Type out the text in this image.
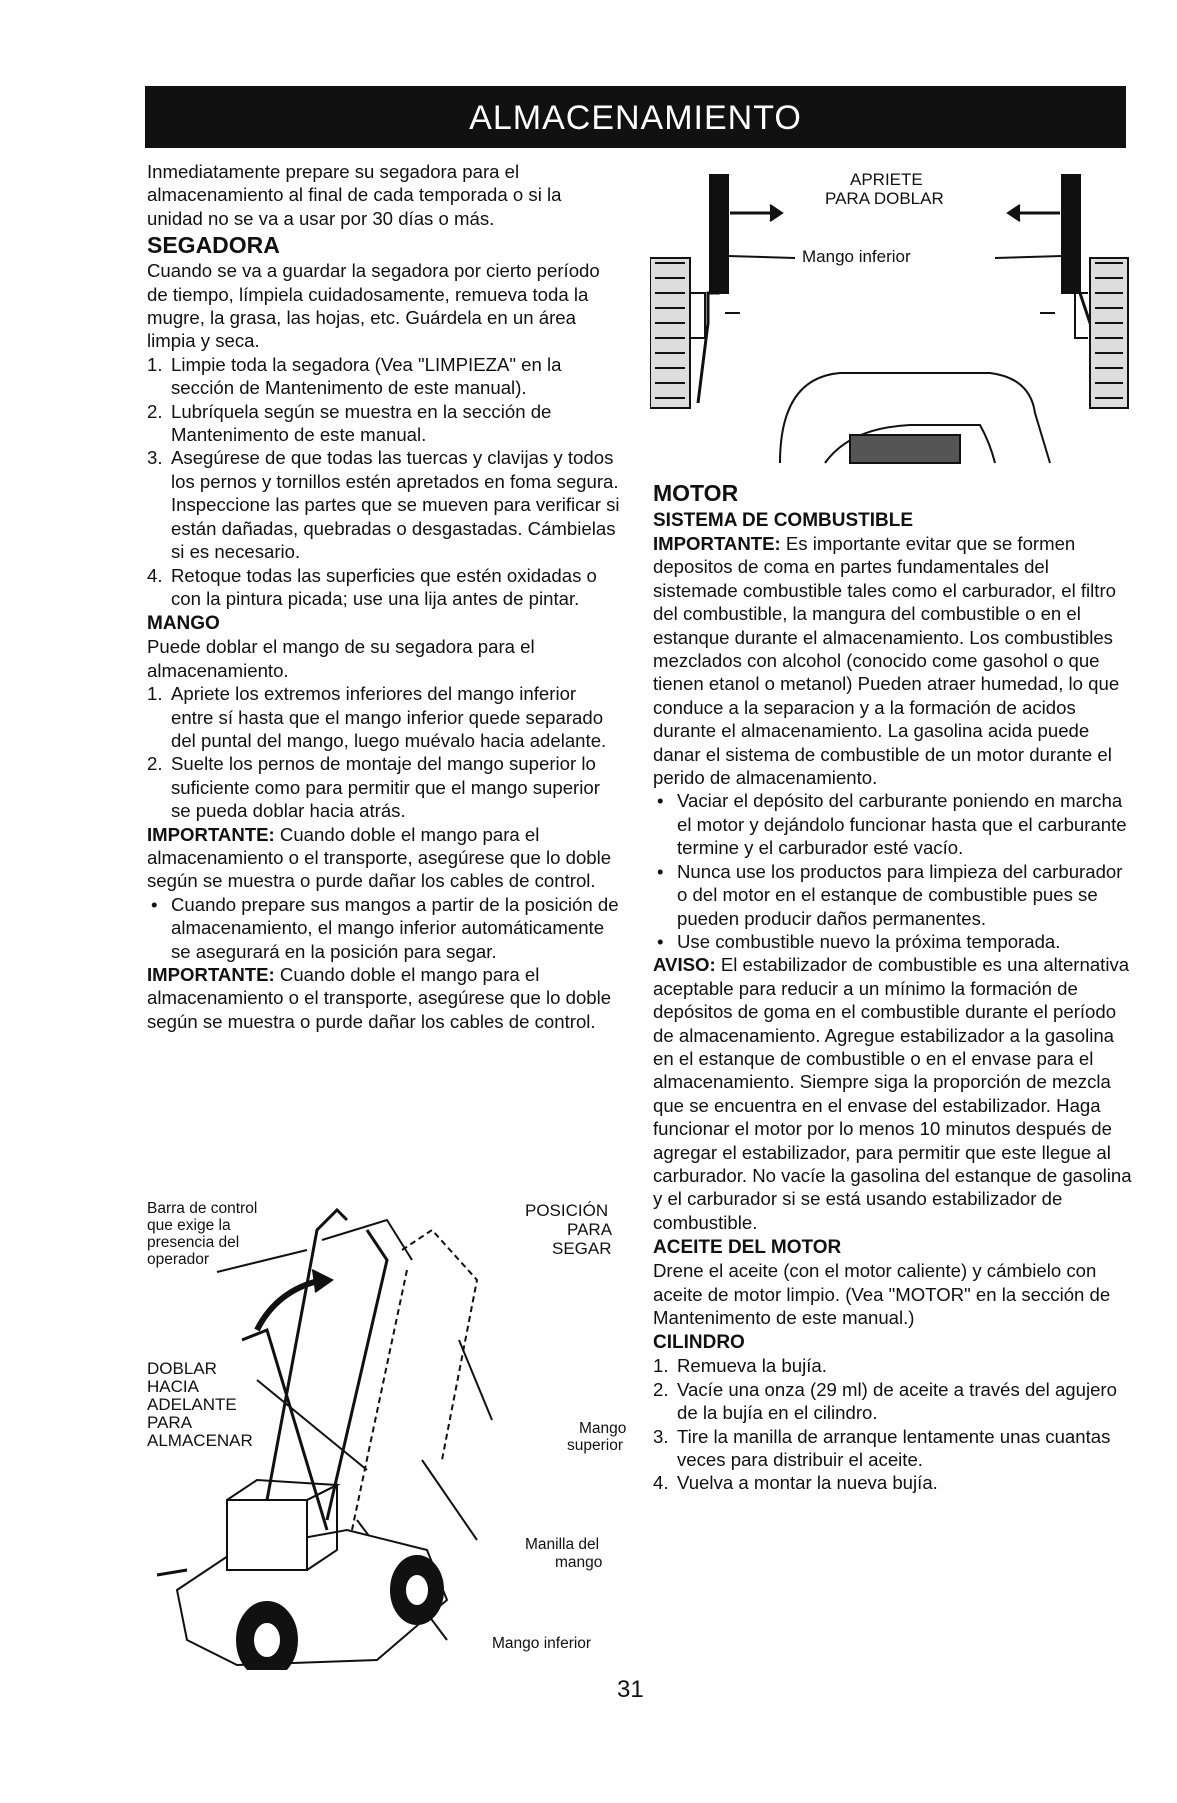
ALMACENAMIENTO

Inmediatamente prepare su segadora para el almacenamiento al final de cada temporada o si la unidad no se va a usar por 30 días o más.

SEGADORA

Cuando se va a guardar la segadora por cierto período de tiempo, límpiela cuidadosamente, remueva toda la mugre, la grasa, las hojas, etc. Guárdela en un área limpia y seca.

1. Limpie toda la segadora (Vea "LIMPIEZA" en la sección de Mantenimento de este manual).
2. Lubríquela según se muestra en la sección de Mantenimento de este manual.
3. Asegúrese de que todas las tuercas y clavijas y todos los pernos y tornillos estén apretados en foma segura. Inspeccione las partes que se mueven para verificar si están dañadas, quebradas o desgastadas. Cámbielas si es necesario.
4. Retoque todas las superficies que estén oxidadas o con la pintura picada; use una lija antes de pintar.
MANGO

Puede doblar el mango de su segadora para el almacenamiento.

1. Apriete los extremos inferiores del mango inferior entre sí hasta que el mango inferior quede separado del puntal del mango, luego muévalo hacia adelante.
2. Suelte los pernos de montaje del mango superior lo suficiente como para permitir que el mango superior se pueda doblar hacia atrás.

IMPORTANTE: Cuando doble el mango para el almacenamiento o el transporte, asegúrese que lo doble según se muestra o purde dañar los cables de control.

• Cuando prepare sus mangos a partir de la posición de almacenamiento, el mango inferior automáticamente se asegurará en la posición para segar.

IMPORTANTE: Cuando doble el mango para el almacenamiento o el transporte, asegúrese que lo doble según se muestra o purde dañar los cables de control.

APRIETE
PARA DOBLAR
Mango inferior
Barra de control
que exige la
presencia del
operador
POSICIÓN
PARA
SEGAR
DOBLAR
HACIA
ADELANTE
PARA
ALMACENAR
Mango
superior
Manilla del
mango
Mango inferior
MOTOR
SISTEMA DE COMBUSTIBLE

IMPORTANTE: Es importante evitar que se formen depositos de coma en partes fundamentales del sistemade combustible tales como el carburador, el filtro del combustible, la mangura del combustible o en el estanque durante el almacenamiento. Los combustibles mezclados con alcohol (conocido come gasohol o que tienen etanol o metanol) Pueden atraer humedad, lo que conduce a la separacion y a la formación de acidos durante el almacenamiento. La gasolina acida puede danar el sistema de combustible de un motor durante el perido de almacenamiento.

• Vaciar el depósito del carburante poniendo en marcha el motor y dejándolo funcionar hasta que el carburante termine y el carburador esté vacío.
• Nunca use los productos para limpieza del carburador o del motor en el estanque de combustible pues se pueden producir daños permanentes.
• Use combustible nuevo la próxima temporada.

AVISO: El estabilizador de combustible es una alternativa aceptable para reducir a un mínimo la formación de depósitos de goma en el combustible durante el período de almacenamiento. Agregue estabilizador a la gasolina en el estanque de combustible o en el envase para el almacenamiento. Siempre siga la proporción de mezcla que se encuentra en el envase del estabilizador. Haga funcionar el motor por lo menos 10 minutos después de agregar el estabilizador, para permitir que este llegue al carburador. No vacíe la gasolina del estanque de gasolina y el carburador si se está usando estabilizador de combustible.

ACEITE DEL MOTOR

Drene el aceite (con el motor caliente) y cámbielo con aceite de motor limpio. (Vea "MOTOR" en la sección de Mantenimento de este manual.)

CILINDRO
1. Remueva la bujía.
2. Vacíe una onza (29 ml) de aceite a través del agujero de la bujía en el cilindro.
3. Tire la manilla de arranque lentamente unas cuantas veces para distribuir el aceite.
4. Vuelva a montar la nueva bujía.
31
